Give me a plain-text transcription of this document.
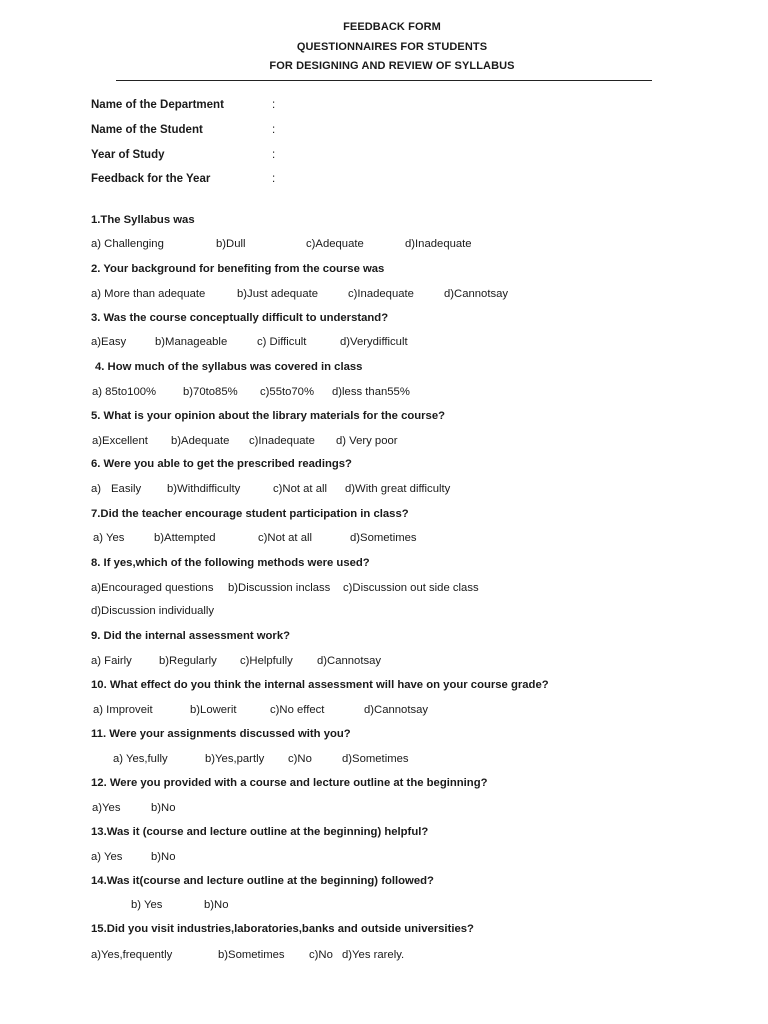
FEEDBACK FORM
QUESTIONNAIRES FOR STUDENTS
FOR DESIGNING AND REVIEW OF SYLLABUS
Name of the Department	:
Name of the Student	:
Year of Study	:
Feedback for the Year	:
1.The Syllabus was
a) Challenging	b)Dull	c)Adequate	d)Inadequate
2. Your background for benefiting from the course was
a) More than adequate	b)Just adequate	c)Inadequate	d)Cannotsay
3. Was the course conceptually difficult to understand?
a)Easy	b)Manageable	c) Difficult	d)Verydifficult
4. How much of the syllabus was covered in class
a) 85to100% b)70to85% c)55to70% d)less than55%
5. What is your opinion about the library materials for the course?
a)Excellent b)Adequate c)Inadequate d) Very poor
6. Were you able to get the prescribed readings?
a) Easily b)Withdifficulty	c)Not at all d)With great difficulty
7.Did the teacher encourage student participation in class?
a) Yes	b)Attempted	c)Not at all	d)Sometimes
8. If yes,which of the following methods were used?
a)Encouraged questions b)Discussion inclass c)Discussion out side class
d)Discussion individually
9. Did the internal assessment work?
a) Fairly b)Regularly c)Helpfully d)Cannotsay
10. What effect do you think the internal assessment will have on your course grade?
a) Improveit	b)Lowerit	c)No effect	d)Cannotsay
11. Were your assignments discussed with you?
a) Yes,fully	b)Yes,partly c)No	d)Sometimes
12. Were you provided with a course and lecture outline at the beginning?
a)Yes	b)No
13.Was it (course and lecture outline at the beginning) helpful?
a) Yes	b)No
14.Was it(course and lecture outline at the beginning) followed?
b) Yes	b)No
15.Did you visit industries,laboratories,banks and outside universities?
a)Yes,frequently	b)Sometimes c)No d)Yes rarely.
